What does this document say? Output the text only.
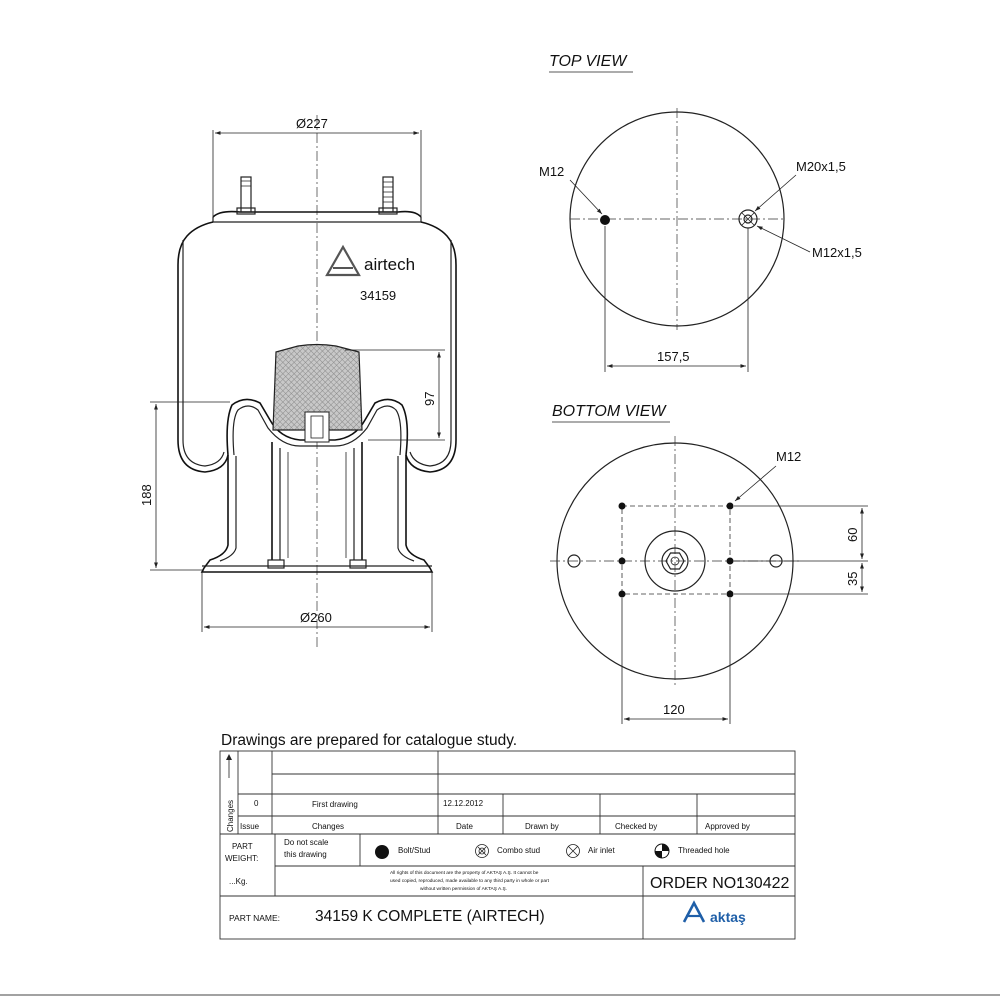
airtech
34159
Ø227
Ø260
188
97
TOP VIEW
M12	M20x1,5
M12x1,5
157,5
BOTTOM VIEW
M12
60
35
120
Drawings are prepared for catalogue study.
Changes 0	First drawing	12.12.2012
Issue	Changes	Date	Drawn by	Checked by	Approved by
PART
WEIGHT:
...Kg.
Do not scale
this drawing	Bolt/Stud	Combo stud	Air inlet	Threaded hole
All rights of this document are the property of AKTAŞ A.Ş. It cannot be
used copied, reproduced, made available to any third party in whole or part
without written permission of AKTAŞ A.Ş.	ORDER NO:
130422
PART NAME: 34159 K COMPLETE (AIRTECH)	aktaş
